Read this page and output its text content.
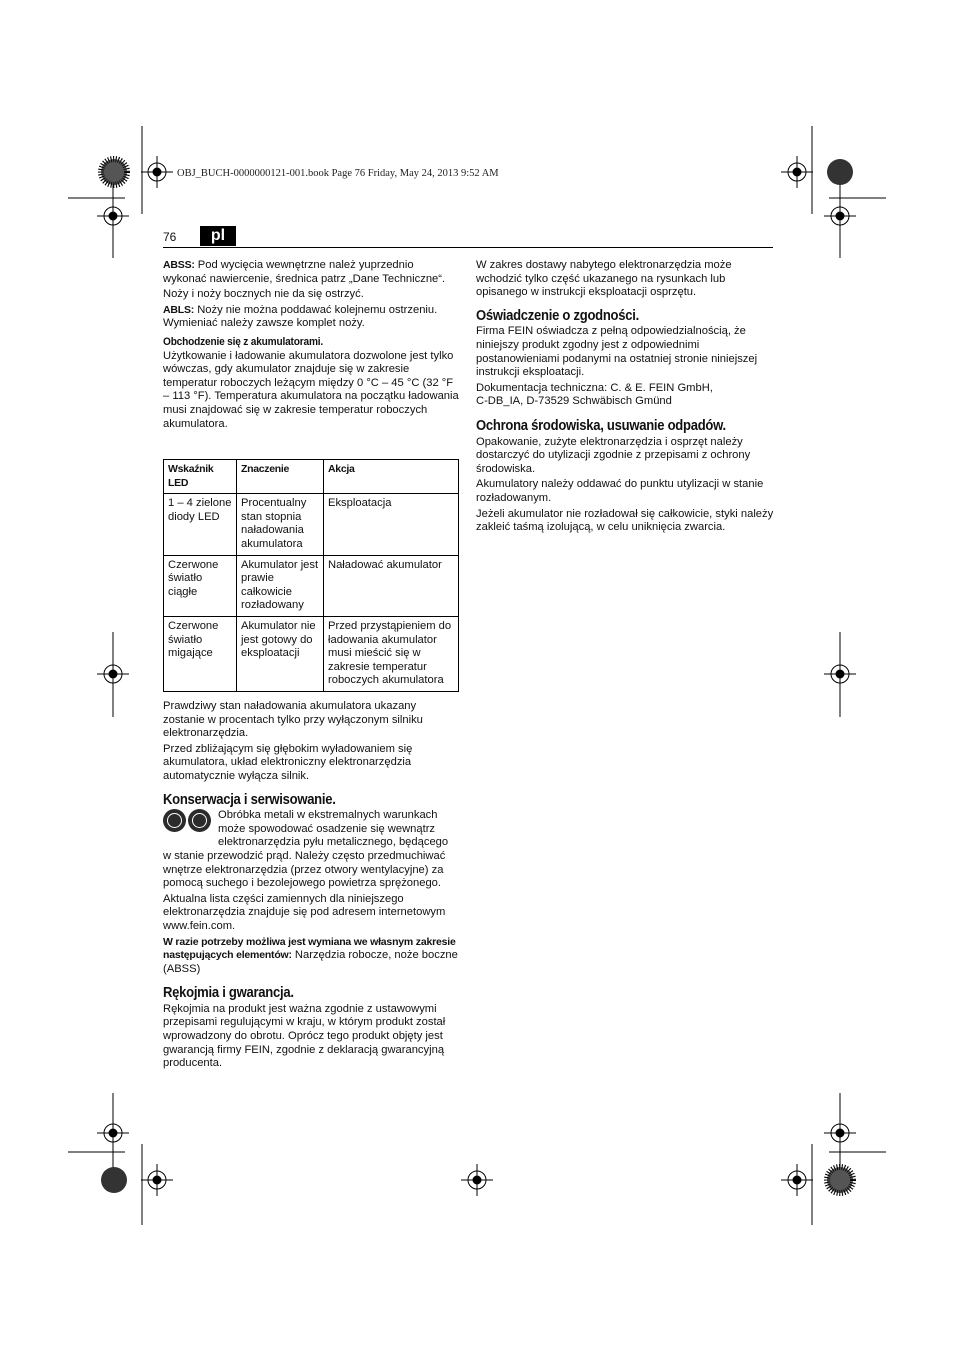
OBJ_BUCH-0000000121-001.book Page 76 Friday, May 24, 2013 9:52 AM
76	pl

ABSS: Pod wycięcia wewnętrzne należ yuprzednio wykonać nawiercenie, średnica patrz „Dane Techniczne“.

Noży i noży bocznych nie da się ostrzyć.

ABLS: Noży nie można poddawać kolejnemu ostrzeniu. Wymieniać należy zawsze komplet noży.

Obchodzenie się z akumulatorami.

Użytkowanie i ładowanie akumulatora dozwolone jest tylko wówczas, gdy akumulator znajduje się w zakresie temperatur roboczych leżącym między 0 °C – 45 °C (32 °F – 113 °F). Temperatura akumulatora na początku ładowania musi znajdować się w zakresie temperatur roboczych akumulatora.

Wskaźnik LED	Znaczenie	Akcja
1 – 4 zielone diody LED	Procentualny stan stopnia naładowania akumulatora	Eksploatacja
Czerwone światło ciągłe	Akumulator jest prawie całkowicie rozładowany	Naładować akumulator
Czerwone światło migające	Akumulator nie jest gotowy do eksploatacji	Przed przystąpieniem do ładowania akumulator musi mieścić się w zakresie temperatur roboczych akumulatora

Prawdziwy stan naładowania akumulatora ukazany zostanie w procentach tylko przy wyłączonym silniku elektronarzędzia.

Przed zbliżającym się głębokim wyładowaniem się akumulatora, układ elektroniczny elektronarzędzia automatycznie wyłącza silnik.

Konserwacja i serwisowanie.

Obróbka metali w ekstremalnych warunkach może spowodować osadzenie się wewnątrz elektronarzędzia pyłu metalicznego, będącego w stanie przewodzić prąd. Należy często przedmuchiwać wnętrze elektronarzędzia (przez otwory wentylacyjne) za pomocą suchego i bezolejowego powietrza sprężonego.

Aktualna lista części zamiennych dla niniejszego elektronarzędzia znajduje się pod adresem internetowym www.fein.com.

W razie potrzeby możliwa jest wymiana we własnym zakresie następujących elementów: Narzędzia robocze, noże boczne (ABSS)

Rękojmia i gwarancja.

Rękojmia na produkt jest ważna zgodnie z ustawowymi przepisami regulującymi w kraju, w którym produkt został wprowadzony do obrotu. Oprócz tego produkt objęty jest gwarancją firmy FEIN, zgodnie z deklaracją gwarancyjną producenta.

W zakres dostawy nabytego elektronarzędzia może wchodzić tylko część ukazanego na rysunkach lub opisanego w instrukcji eksploatacji osprzętu.

Oświadczenie o zgodności.

Firma FEIN oświadcza z pełną odpowiedzialnością, że niniejszy produkt zgodny jest z odpowiednimi postanowieniami podanymi na ostatniej stronie niniejszej instrukcji eksploatacji.

Dokumentacja techniczna: C. & E. FEIN GmbH,

C-DB_IA, D-73529 Schwäbisch Gmünd

Ochrona środowiska, usuwanie odpadów.

Opakowanie, zużyte elektronarzędzia i osprzęt należy dostarczyć do utylizacji zgodnie z przepisami z ochrony środowiska.

Akumulatory należy oddawać do punktu utylizacji w stanie rozładowanym.

Jeżeli akumulator nie rozładował się całkowicie, styki należy zakleić taśmą izolującą, w celu uniknięcia zwarcia.
